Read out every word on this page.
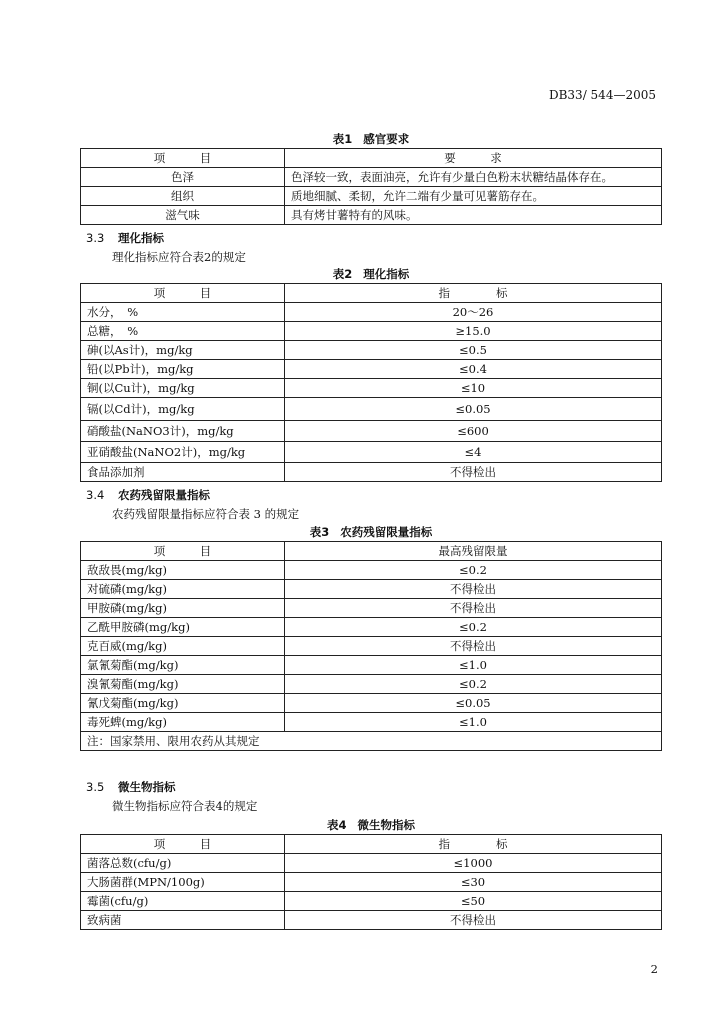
DB33/ 544—2005
表1 感官要求
项　　　目	要　　　求
色泽	色泽较一致，表面油亮，允许有少量白色粉末状糖结晶体存在。
组织	质地细腻、柔韧，允许二端有少量可见薯筋存在。
滋气味	具有烤甘薯特有的风味。
3.3 理化指标
理化指标应符合表2的规定
表2 理化指标
项　　　目	指　　　　标
水分，　%	20～26
总糖，　%	≥15.0
砷(以As计)，mg/kg	≤0.5
铅(以Pb计)，mg/kg	≤0.4
铜(以Cu计)，mg/kg	≤10
镉(以Cd计)，mg/kg	≤0.05
硝酸盐(NaNO3计)，mg/kg	≤600
亚硝酸盐(NaNO2计)，mg/kg	≤4
食品添加剂	不得检出
3.4 农药残留限量指标
农药残留限量指标应符合表 3 的规定
表3 农药残留限量指标
项　　　目	最高残留限量
敌敌畏(mg/kg)	≤0.2
对硫磷(mg/kg)	不得检出
甲胺磷(mg/kg)	不得检出
乙酰甲胺磷(mg/kg)	≤0.2
克百威(mg/kg)	不得检出
氯氰菊酯(mg/kg)	≤1.0
溴氰菊酯(mg/kg)	≤0.2
氰戊菊酯(mg/kg)	≤0.05
毒死蜱(mg/kg)	≤1.0
注：国家禁用、限用农药从其规定	
3.5 微生物指标
微生物指标应符合表4的规定
表4 微生物指标
项　　　目	指　　　　标
菌落总数(cfu/g)	≤1000
大肠菌群(MPN/100g)	≤30
霉菌(cfu/g)	≤50
致病菌	不得检出
2
